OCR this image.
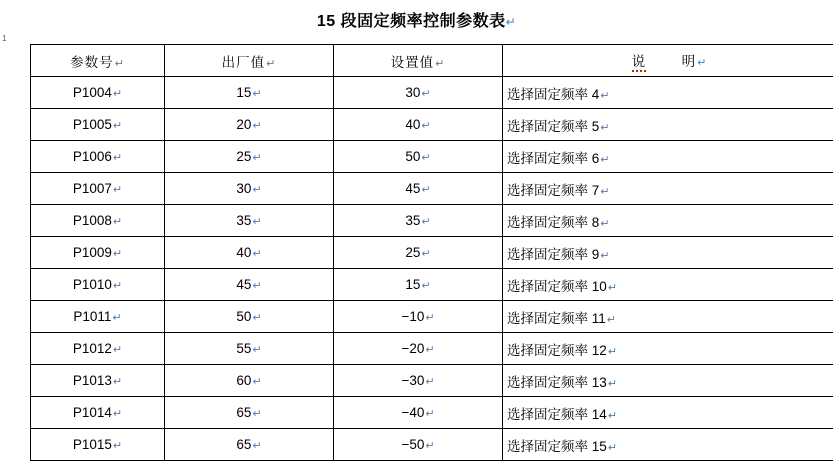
15 段固定频率控制参数表↵
1
参数号↵	出厂值↵	设置值↵	说 明↵
P1004↵	15↵	30↵	选择固定频率 4↵
P1005↵	20↵	40↵	选择固定频率 5↵
P1006↵	25↵	50↵	选择固定频率 6↵
P1007↵	30↵	45↵	选择固定频率 7↵
P1008↵	35↵	35↵	选择固定频率 8↵
P1009↵	40↵	25↵	选择固定频率 9↵
P1010↵	45↵	15↵	选择固定频率 10↵
P1011↵	50↵	−10↵	选择固定频率 11↵
P1012↵	55↵	−20↵	选择固定频率 12↵
P1013↵	60↵	−30↵	选择固定频率 13↵
P1014↵	65↵	−40↵	选择固定频率 14↵
P1015↵	65↵	−50↵	选择固定频率 15↵
